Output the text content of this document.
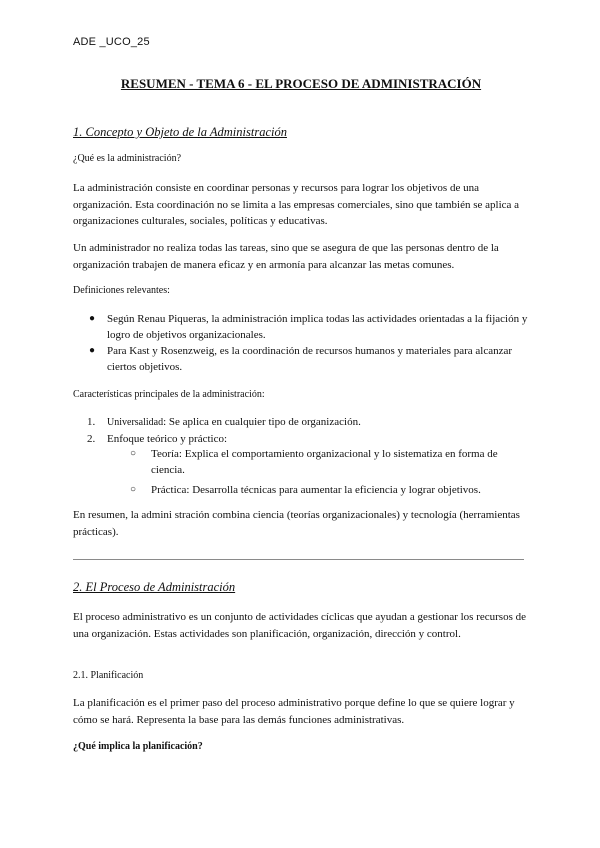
ADE _UCO_25
RESUMEN - TEMA 6 - EL PROCESO DE ADMINISTRACIÓN
1. Concepto y Objeto de la Administración
¿Qué es la administración?

La administración consiste en coordinar personas y recursos para lograr los objetivos de una organización. Esta coordinación no se limita a las empresas comerciales, sino que también se aplica a organizaciones culturales, sociales, políticas y educativas.

Un administrador no realiza todas las tareas, sino que se asegura de que las personas dentro de la organización trabajen de manera eficaz y en armonía para alcanzar las metas comunes.

Definiciones relevantes:
● Según Renau Piqueras, la administración implica todas las actividades orientadas a la fijación y logro de objetivos organizacionales.
● Para Kast y Rosenzweig, es la coordinación de recursos humanos y materiales para alcanzar ciertos objetivos.
Características principales de la administración:
1. Universalidad: Se aplica en cualquier tipo de organización.
2. Enfoque teórico y práctico:
○ Teoría: Explica el comportamiento organizacional y lo sistematiza en forma de ciencia.
○ Práctica: Desarrolla técnicas para aumentar la eficiencia y lograr objetivos.

En resumen, la admini stración combina ciencia (teorías organizacionales) y tecnología (herramientas prácticas).

2. El Proceso de Administración

El proceso administrativo es un conjunto de actividades cíclicas que ayudan a gestionar los recursos de una organización. Estas actividades son planificación, organización, dirección y control.

2.1. Planificación

La planificación es el primer paso del proceso administrativo porque define lo que se quiere lograr y cómo se hará. Representa la base para las demás funciones administrativas.

¿Qué implica la planificación?
